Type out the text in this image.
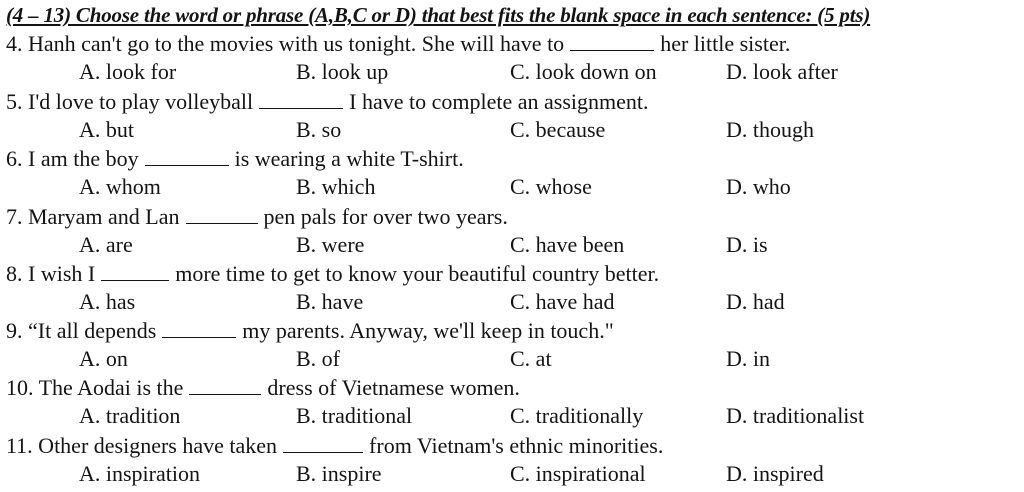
(4 – 13) Choose the word or phrase (A,B,C or D) that best fits the blank space in each sentence: (5 pts)
4. Hanh can't go to the movies with us tonight. She will have to	her little sister.
A. look for	B. look up	C. look down on	D. look after
5. I'd love to play volleyball	I have to complete an assignment.
A. but	B. so	C. because	D. though
6. I am the boy	is wearing a white T-shirt.
A. whom	B. which	C. whose	D. who
7. Maryam and Lan	pen pals for over two years.
A. are	B. were	C. have been	D. is
8. I wish I	more time to get to know your beautiful country better.
A. has	B. have	C. have had	D. had
9. “It all depends	my parents. Anyway, we'll keep in touch."
A. on	B. of	C. at	D. in
10. The Aodai is the	dress of Vietnamese women.
A. tradition	B. traditional	C. traditionally	D. traditionalist
11. Other designers have taken	from Vietnam's ethnic minorities.
A. inspiration	B. inspire	C. inspirational	D. inspired
